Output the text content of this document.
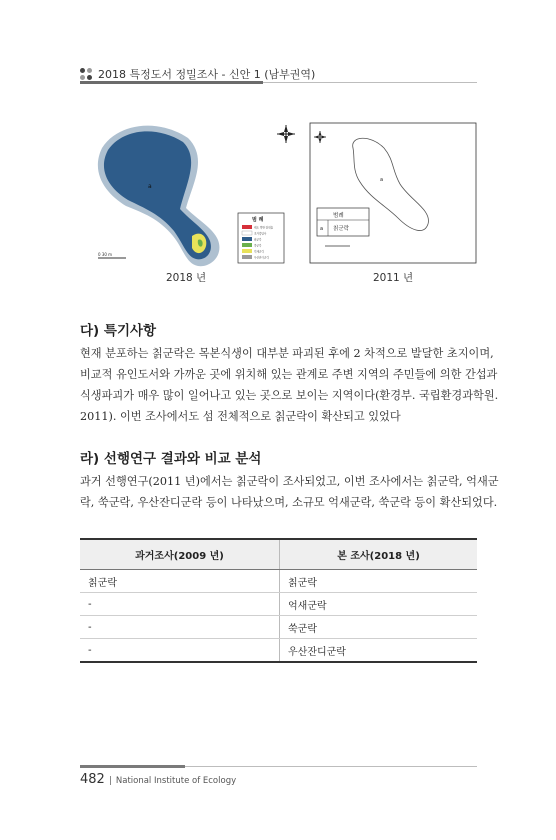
2018 특정도서 정밀조사 - 신안 1 (남부권역)
a
0 30 m
범 례
제도 박한 갈대숲
초가량탐사
칡군락
쑥군락
억새군락
우산잔디군락
a
범례
a 칡군락
2018 년	2011 년
다) 특기사항
현재 분포하는 칡군락은 목본식생이 대부분 파괴된 후에 2 차적으로 발달한 초지이며,
비교적 유인도서와 가까운 곳에 위치해 있는 관계로 주변 지역의 주민들에 의한 간섭과
식생파괴가 매우 많이 일어나고 있는 곳으로 보이는 지역이다(환경부. 국립환경과학원.
2011). 이번 조사에서도 섬 전체적으로 칡군락이 확산되고 있었다
라) 선행연구 결과와 비교 분석
과거 선행연구(2011 년)에서는 칡군락이 조사되었고, 이번 조사에서는 칡군락, 억새군
락, 쑥군락, 우산잔디군락 등이 나타났으며, 소규모 억새군락, 쑥군락 등이 확산되었다.
과거조사(2009 년)	본 조사(2018 년)
칡군락	칡군락
-	억새군락
-	쑥군락
-	우산잔디군락
482 | National Institute of Ecology
